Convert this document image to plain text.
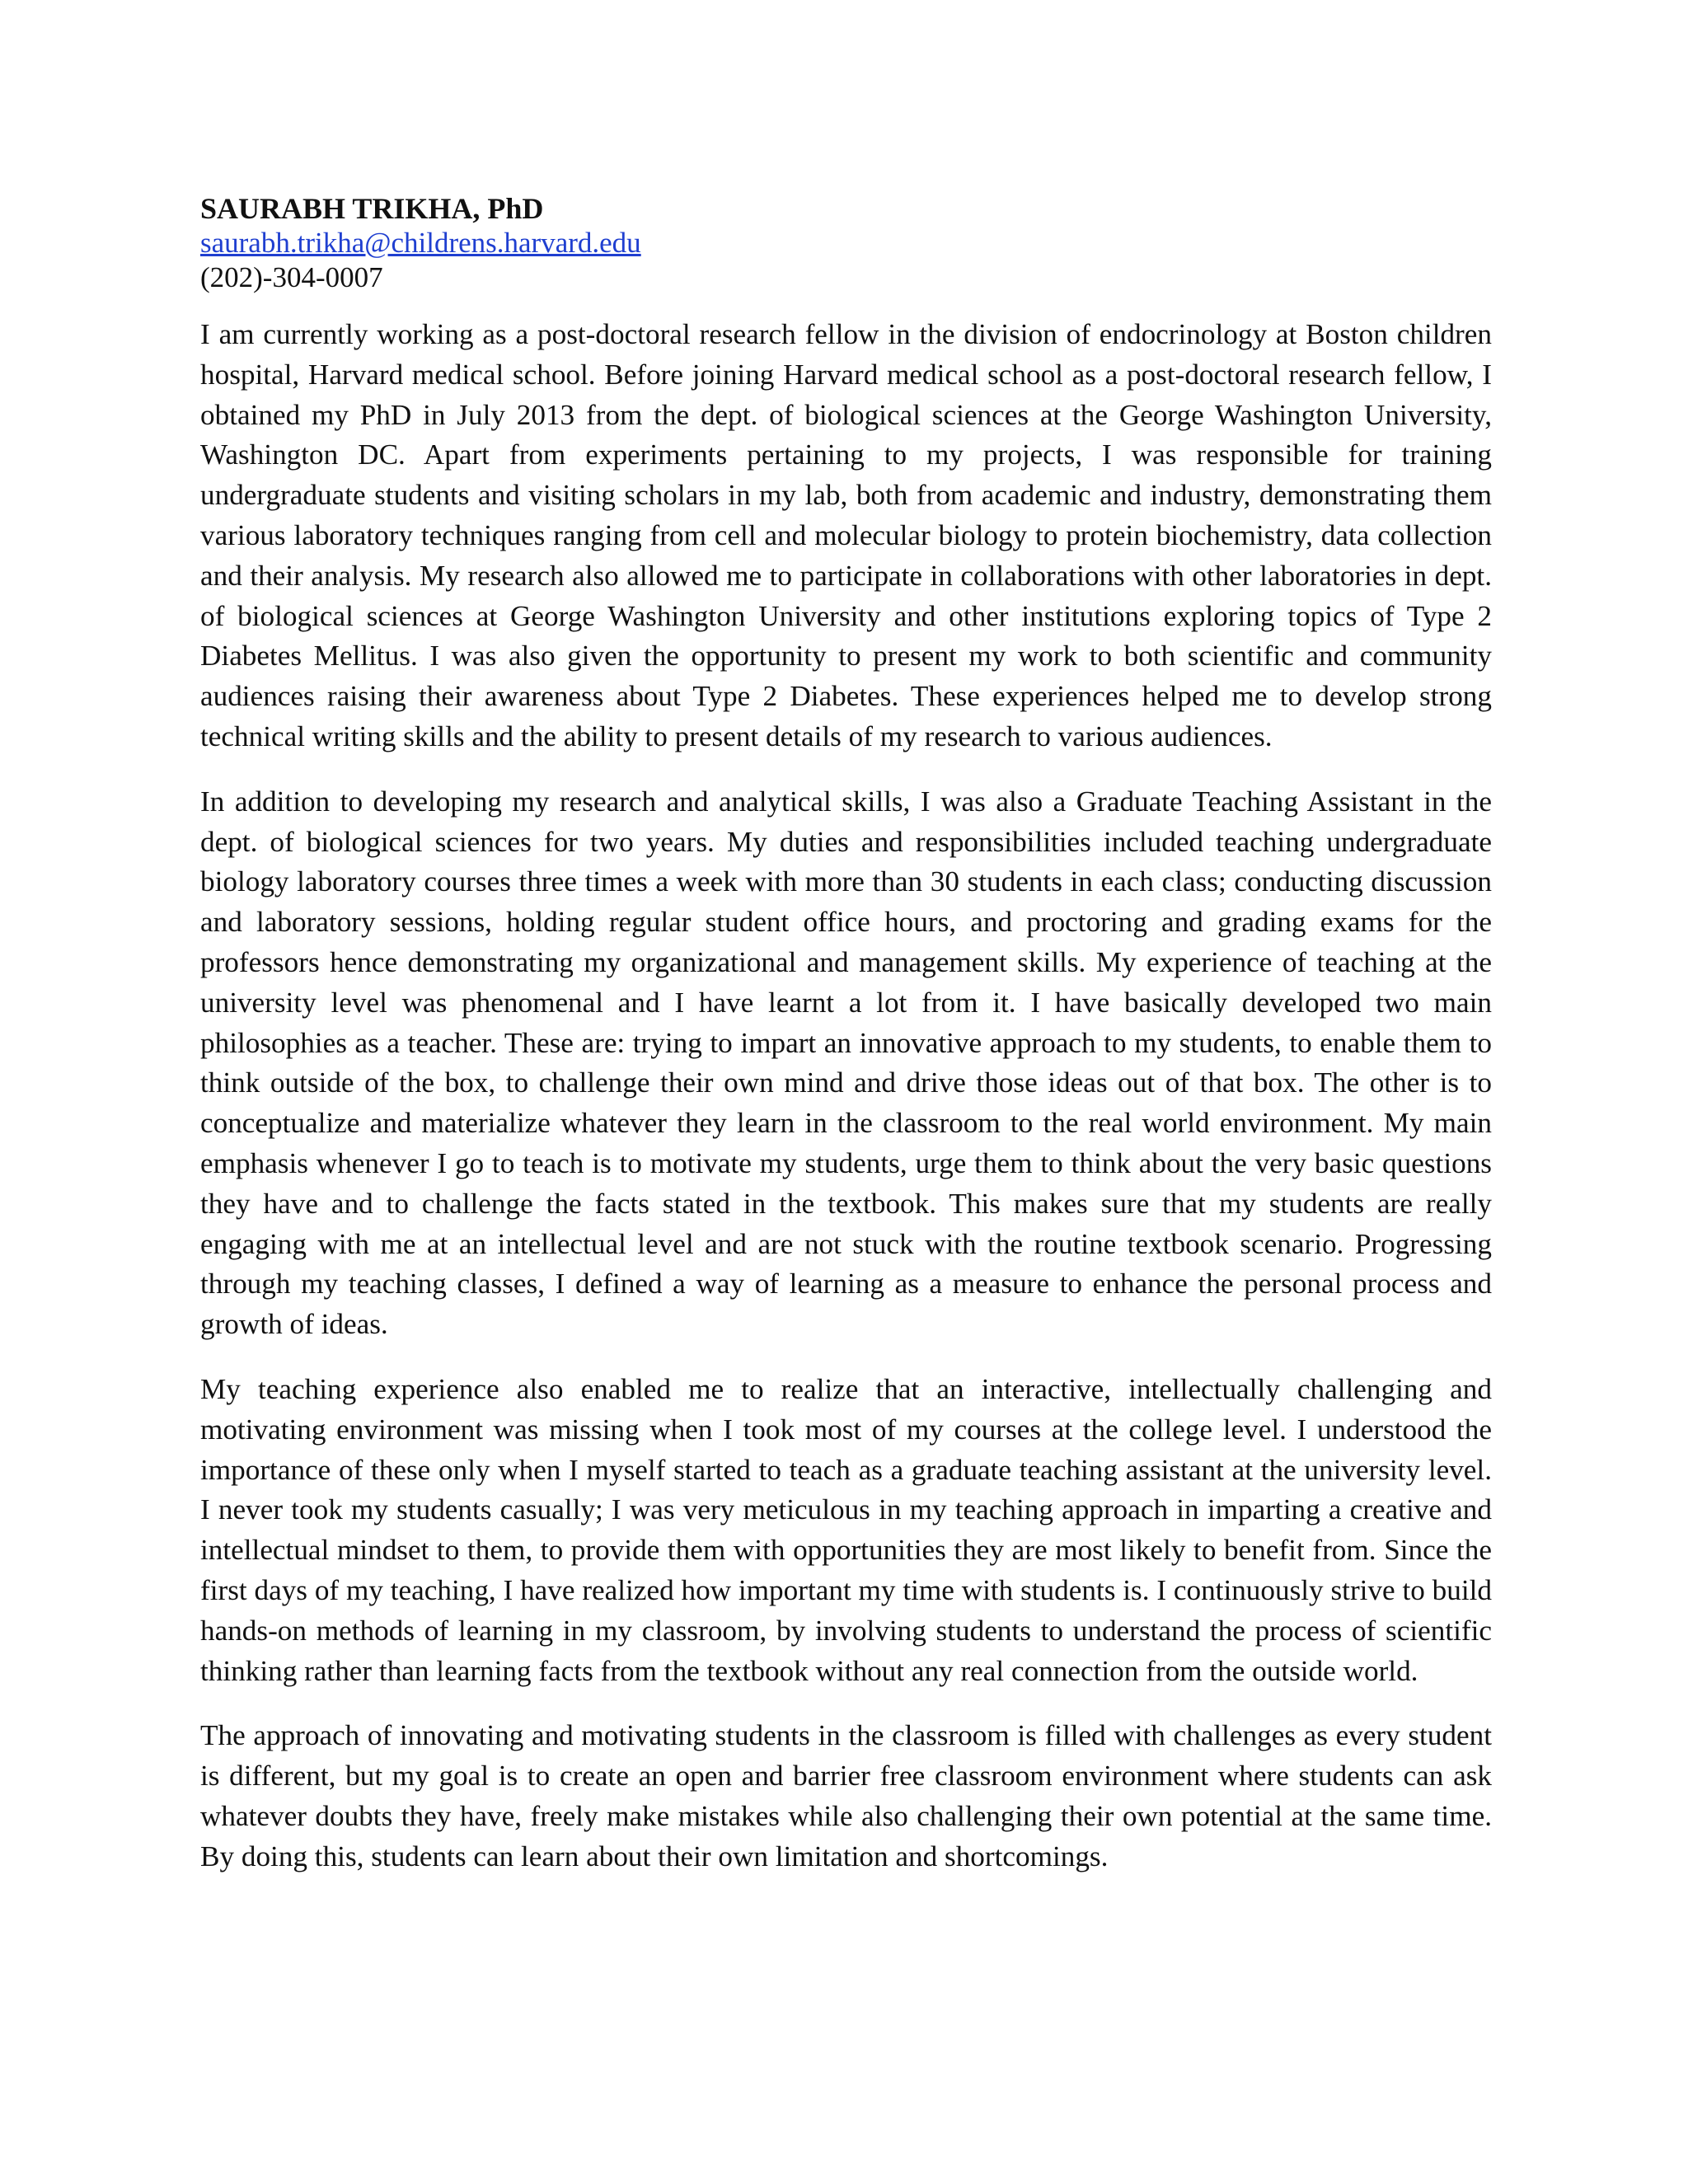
SAURABH TRIKHA, PhD

saurabh.trikha@childrens.harvard.edu

(202)-304-0007

I am currently working as a post-doctoral research fellow in the division of endocrinology at Boston children hospital, Harvard medical school. Before joining Harvard medical school as a post-doctoral research fellow, I obtained my PhD in July 2013 from the dept. of biological sciences at the George Washington University, Washington DC. Apart from experiments pertaining to my projects, I was responsible for training undergraduate students and visiting scholars in my lab, both from academic and industry, demonstrating them various laboratory techniques ranging from cell and molecular biology to protein biochemistry, data collection and their analysis. My research also allowed me to participate in collaborations with other laboratories in dept. of biological sciences at George Washington University and other institutions exploring topics of Type 2 Diabetes Mellitus. I was also given the opportunity to present my work to both scientific and community audiences raising their awareness about Type 2 Diabetes. These experiences helped me to develop strong technical writing skills and the ability to present details of my research to various audiences.

In addition to developing my research and analytical skills, I was also a Graduate Teaching Assistant in the dept. of biological sciences for two years. My duties and responsibilities included teaching undergraduate biology laboratory courses three times a week with more than 30 students in each class; conducting discussion and laboratory sessions, holding regular student office hours, and proctoring and grading exams for the professors hence demonstrating my organizational and management skills. My experience of teaching at the university level was phenomenal and I have learnt a lot from it. I have basically developed two main philosophies as a teacher. These are: trying to impart an innovative approach to my students, to enable them to think outside of the box, to challenge their own mind and drive those ideas out of that box. The other is to conceptualize and materialize whatever they learn in the classroom to the real world environment. My main emphasis whenever I go to teach is to motivate my students, urge them to think about the very basic questions they have and to challenge the facts stated in the textbook. This makes sure that my students are really engaging with me at an intellectual level and are not stuck with the routine textbook scenario. Progressing through my teaching classes, I defined a way of learning as a measure to enhance the personal process and growth of ideas.

My teaching experience also enabled me to realize that an interactive, intellectually challenging and motivating environment was missing when I took most of my courses at the college level. I understood the importance of these only when I myself started to teach as a graduate teaching assistant at the university level. I never took my students casually; I was very meticulous in my teaching approach in imparting a creative and intellectual mindset to them, to provide them with opportunities they are most likely to benefit from. Since the first days of my teaching, I have realized how important my time with students is. I continuously strive to build hands-on methods of learning in my classroom, by involving students to understand the process of scientific thinking rather than learning facts from the textbook without any real connection from the outside world.

The approach of innovating and motivating students in the classroom is filled with challenges as every student is different, but my goal is to create an open and barrier free classroom environment where students can ask whatever doubts they have, freely make mistakes while also challenging their own potential at the same time. By doing this, students can learn about their own limitation and shortcomings.
